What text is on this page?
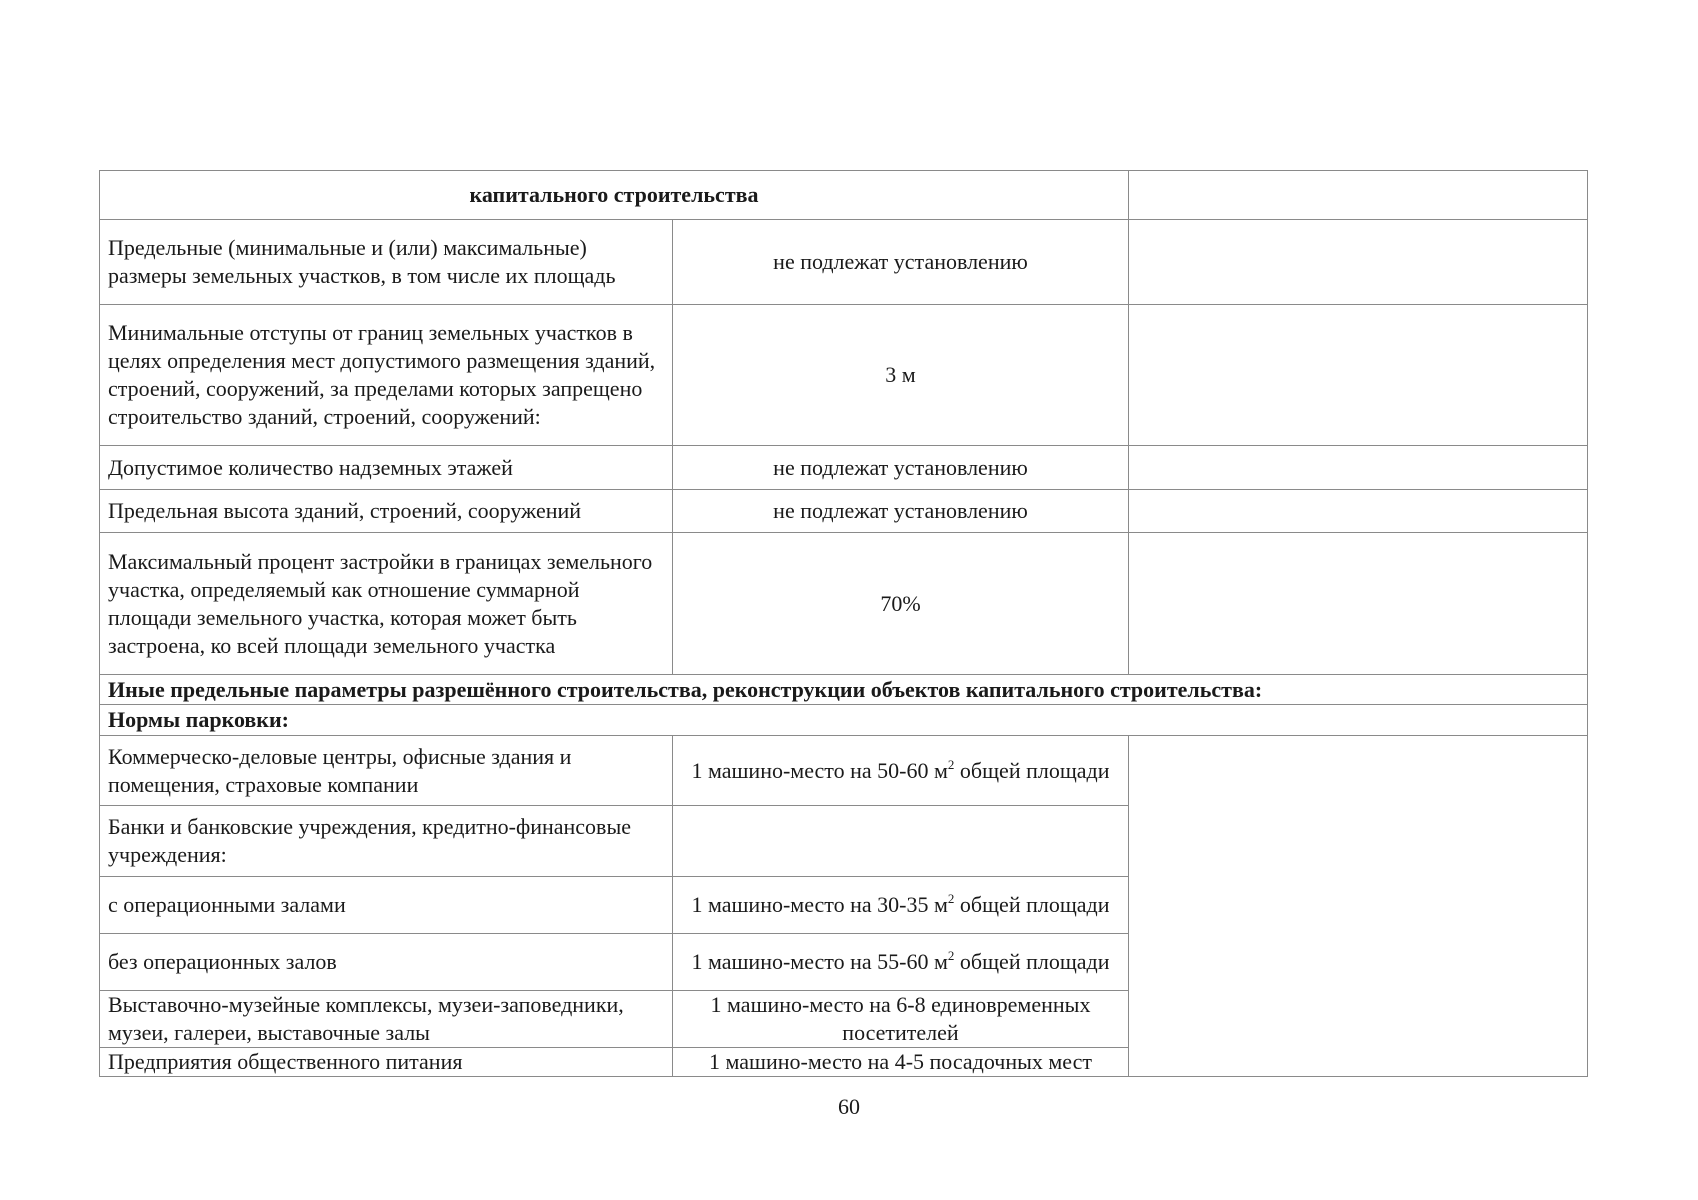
капитального строительства		
Предельные (минимальные и (или) максимальные) размеры земельных участков, в том числе их площадь	не подлежат установлению	
Минимальные отступы от границ земельных участков в целях определения мест допустимого размещения зданий, строений, сооружений, за пределами которых запрещено строительство зданий, строений, сооружений:	3 м	
Допустимое количество надземных этажей	не подлежат установлению	
Предельная высота зданий, строений, сооружений	не подлежат установлению	
Максимальный процент застройки в границах земельного участка, определяемый как отношение суммарной площади земельного участка, которая может быть застроена, ко всей площади земельного участка	70%	
Иные предельные параметры разрешённого строительства, реконструкции объектов капитального строительства:		
Нормы парковки:		
Коммерческо-деловые центры, офисные здания и помещения, страховые компании	1 машино-место на 50-60 $м^2$ общей площади	
Банки и банковские учреждения, кредитно-финансовые учреждения:		
с операционными залами	1 машино-место на 30-35 $м^2$ общей площади	
без операционных залов	1 машино-место на 55-60 $м^2$ общей площади	
Выставочно-музейные комплексы, музеи-заповедники, музеи, галереи, выставочные залы	1 машино-место на 6-8 единовременных посетителей	
Предприятия общественного питания	1 машино-место на 4-5 посадочных мест	
60
